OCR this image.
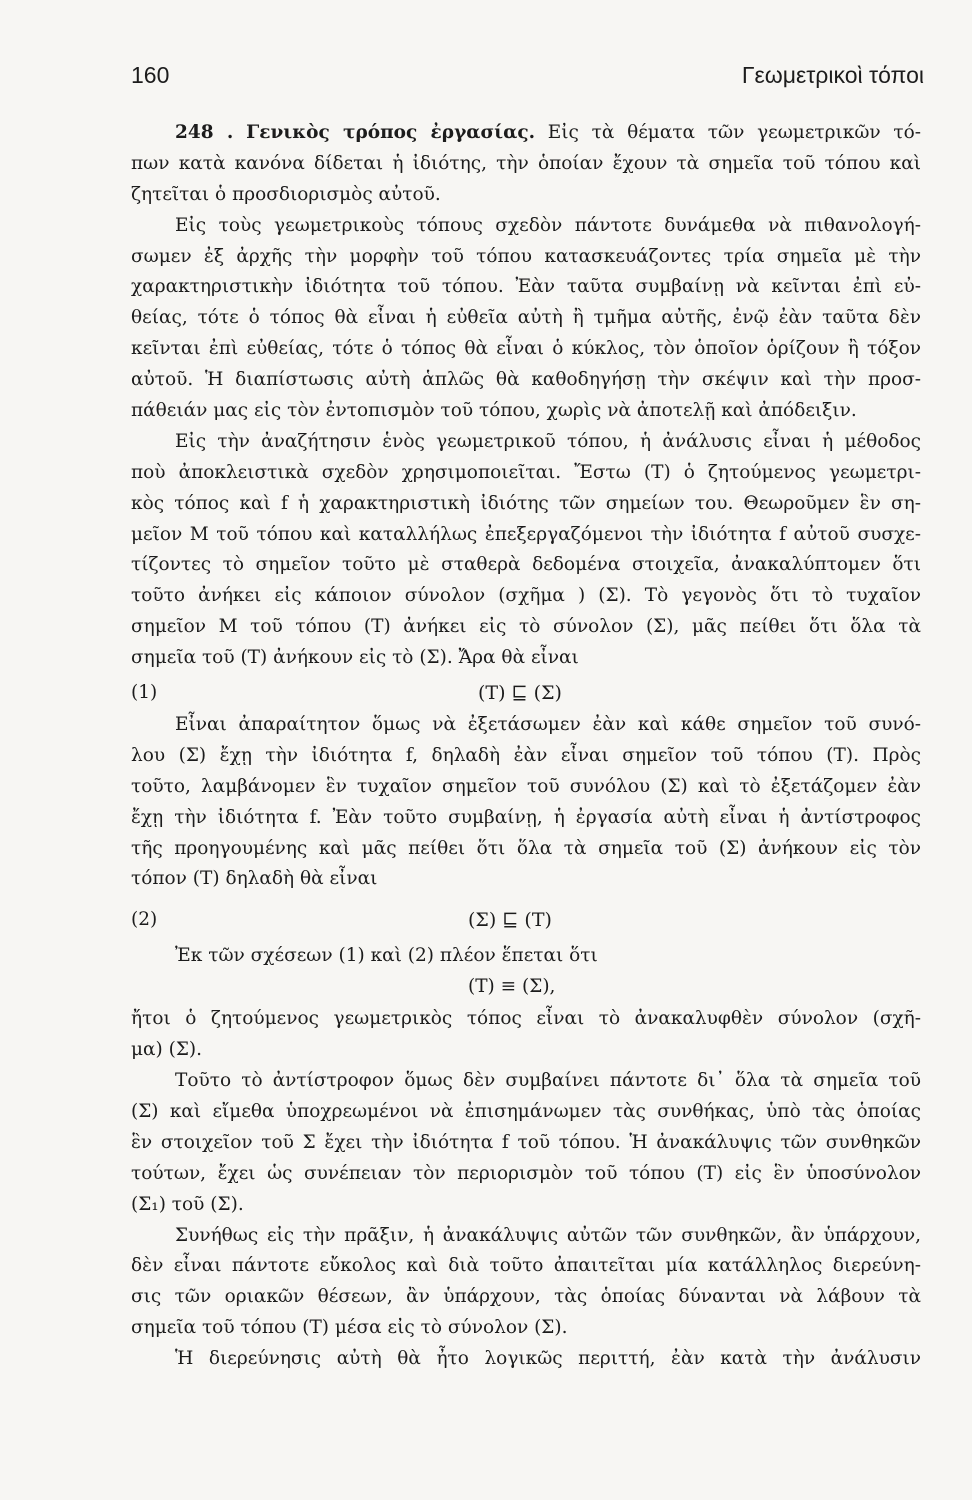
160	Γεωμετρικοὶ τόποι
248 . Γενικὸς τρόπος ἐργασίας. Εἰς τὰ θέματα τῶν γεωμετρικῶν τό-
πων κατὰ κανόνα δίδεται ἡ ἰδιότης, τὴν ὁποίαν ἔχουν τὰ σημεῖα τοῦ τόπου καὶ
ζητεῖται ὁ προσδιορισμὸς αὐτοῦ.
Εἰς τοὺς γεωμετρικοὺς τόπους σχεδὸν πάντοτε δυνάμεθα νὰ πιθανολογή-
σωμεν ἐξ ἀρχῆς τὴν μορφὴν τοῦ τόπου κατασκευάζοντες τρία σημεῖα μὲ τὴν
χαρακτηριστικὴν ἰδιότητα τοῦ τόπου. Ἐὰν ταῦτα συμβαίνῃ νὰ κεῖνται ἐπὶ εὐ-
θείας, τότε ὁ τόπος θὰ εἶναι ἡ εὐθεῖα αὐτὴ ἢ τμῆμα αὐτῆς, ἐνῷ ἐὰν ταῦτα δὲν
κεῖνται ἐπὶ εὐθείας, τότε ὁ τόπος θὰ εἶναι ὁ κύκλος, τὸν ὁποῖον ὁρίζουν ἢ τόξον
αὐτοῦ. Ἡ διαπίστωσις αὐτὴ ἁπλῶς θὰ καθοδηγήσῃ τὴν σκέψιν καὶ τὴν προσ-
πάθειάν μας εἰς τὸν ἐντοπισμὸν τοῦ τόπου, χωρὶς νὰ ἀποτελῇ καὶ ἀπόδειξιν.
Εἰς τὴν ἀναζήτησιν ἑνὸς γεωμετρικοῦ τόπου, ἡ ἀνάλυσις εἶναι ἡ μέθοδος
ποὺ ἀποκλειστικὰ σχεδὸν χρησιμοποιεῖται. Ἔστω (Τ) ὁ ζητούμενος γεωμετρι-
κὸς τόπος καὶ f ἡ χαρακτηριστικὴ ἰδιότης τῶν σημείων του. Θεωροῦμεν ἓν ση-
μεῖον Μ τοῦ τόπου καὶ καταλλήλως ἐπεξεργαζόμενοι τὴν ἰδιότητα f αὐτοῦ συσχε-
τίζοντες τὸ σημεῖον τοῦτο μὲ σταθερὰ δεδομένα στοιχεῖα, ἀνακαλύπτομεν ὅτι
τοῦτο ἀνήκει εἰς κάποιον σύνολον (σχῆμα ) (Σ). Τὸ γεγονὸς ὅτι τὸ τυχαῖον
σημεῖον Μ τοῦ τόπου (Τ) ἀνήκει εἰς τὸ σύνολον (Σ), μᾶς πείθει ὅτι ὅλα τὰ
σημεῖα τοῦ (Τ) ἀνήκουν εἰς τὸ (Σ). Ἄρα θὰ εἶναι
(1)	(Τ) ⊑ (Σ)
Εἶναι ἀπαραίτητον ὅμως νὰ ἐξετάσωμεν ἐὰν καὶ κάθε σημεῖον τοῦ συνό-
λου (Σ) ἔχῃ τὴν ἰδιότητα f, δηλαδὴ ἐὰν εἶναι σημεῖον τοῦ τόπου (Τ). Πρὸς
τοῦτο, λαμβάνομεν ἓν τυχαῖον σημεῖον τοῦ συνόλου (Σ) καὶ τὸ ἐξετάζομεν ἐὰν
ἔχῃ τὴν ἰδιότητα f. Ἐὰν τοῦτο συμβαίνῃ, ἡ ἐργασία αὐτὴ εἶναι ἡ ἀντίστροφος
τῆς προηγουμένης καὶ μᾶς πείθει ὅτι ὅλα τὰ σημεῖα τοῦ (Σ) ἀνήκουν εἰς τὸν
τόπον (Τ) δηλαδὴ θὰ εἶναι
(2)	(Σ) ⊑ (Τ)
Ἐκ τῶν σχέσεων (1) καὶ (2) πλέον ἕπεται ὅτι
(Τ) ≡ (Σ),
ἤτοι ὁ ζητούμενος γεωμετρικὸς τόπος εἶναι τὸ ἀνακαλυφθὲν σύνολον (σχῆ-
μα) (Σ).
Τοῦτο τὸ ἀντίστροφον ὅμως δὲν συμβαίνει πάντοτε δι᾽ ὅλα τὰ σημεῖα τοῦ
(Σ) καὶ εἴμεθα ὑποχρεωμένοι νὰ ἐπισημάνωμεν τὰς συνθήκας, ὑπὸ τὰς ὁποίας
ἓν στοιχεῖον τοῦ Σ ἔχει τὴν ἰδιότητα f τοῦ τόπου. Ἡ ἀνακάλυψις τῶν συνθηκῶν
τούτων, ἔχει ὡς συνέπειαν τὸν περιορισμὸν τοῦ τόπου (Τ) εἰς ἓν ὑποσύνολον
(Σ₁) τοῦ (Σ).
Συνήθως εἰς τὴν πρᾶξιν, ἡ ἀνακάλυψις αὐτῶν τῶν συνθηκῶν, ἂν ὑπάρχουν,
δὲν εἶναι πάντοτε εὔκολος καὶ διὰ τοῦτο ἀπαιτεῖται μία κατάλληλος διερεύνη-
σις τῶν οριακῶν θέσεων, ἂν ὑπάρχουν, τὰς ὁποίας δύνανται νὰ λάβουν τὰ
σημεῖα τοῦ τόπου (Τ) μέσα εἰς τὸ σύνολον (Σ).
Ἡ διερεύνησις αὐτὴ θὰ ἦτο λογικῶς περιττή, ἐὰν κατὰ τὴν ἀνάλυσιν
